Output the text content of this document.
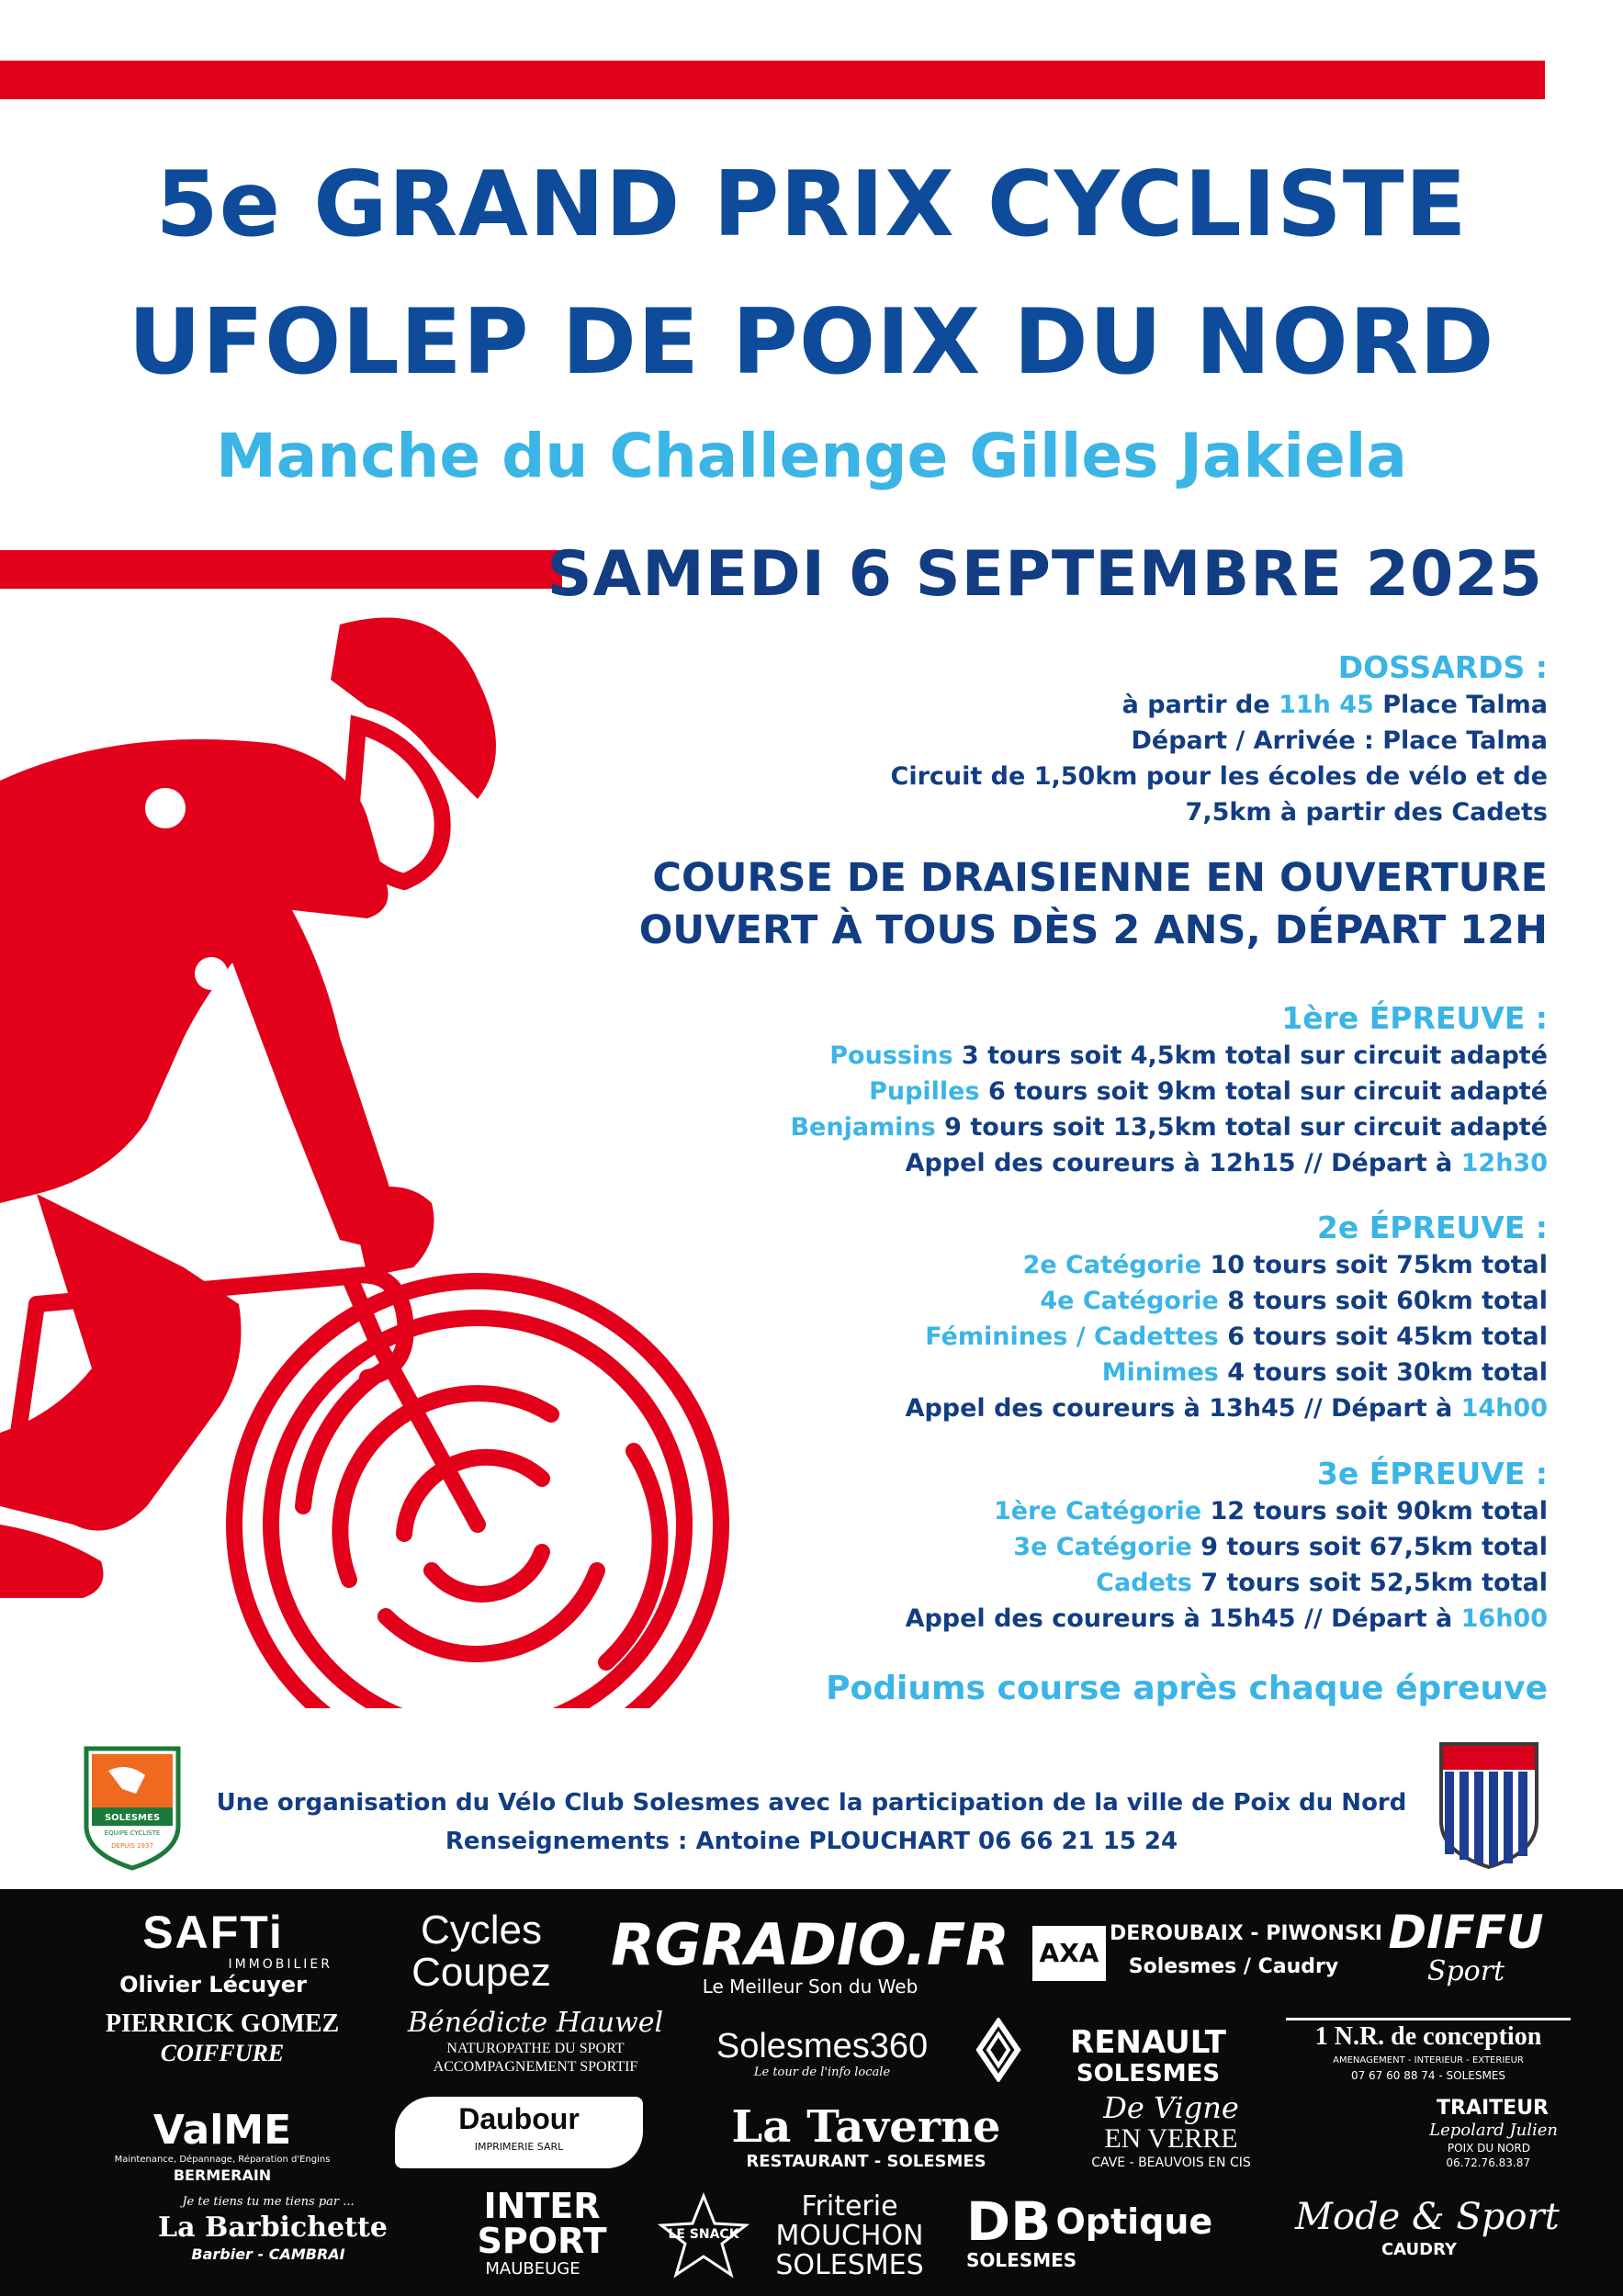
5e GRAND PRIX CYCLISTE
UFOLEP DE POIX DU NORD
Manche du Challenge Gilles Jakiela
SAMEDI 6 SEPTEMBRE 2025
DOSSARDS :
à partir de 11h 45 Place Talma
Départ / Arrivée : Place Talma
Circuit de 1,50km pour les écoles de vélo et de
7,5km à partir des Cadets
COURSE DE DRAISIENNE EN OUVERTURE
OUVERT À TOUS DÈS 2 ANS, DÉPART 12H
1ère ÉPREUVE :
Poussins 3 tours soit 4,5km total sur circuit adapté
Pupilles 6 tours soit 9km total sur circuit adapté
Benjamins 9 tours soit 13,5km total sur circuit adapté
Appel des coureurs à 12h15 // Départ à 12h30
2e ÉPREUVE :
2e Catégorie 10 tours soit 75km total
4e Catégorie 8 tours soit 60km total
Féminines / Cadettes 6 tours soit 45km total
Minimes 4 tours soit 30km total
Appel des coureurs à 13h45 // Départ à 14h00
3e ÉPREUVE :
1ère Catégorie 12 tours soit 90km total
3e Catégorie 9 tours soit 67,5km total
Cadets 7 tours soit 52,5km total
Appel des coureurs à 15h45 // Départ à 16h00
Podiums course après chaque épreuve
SOLESMES
ÉQUIPE CYCLISTE
DEPUIS 1937
Une organisation du Vélo Club Solesmes avec la participation de la ville de Poix du Nord
Renseignements : Antoine PLOUCHART 06 66 21 15 24
SAFTi
IMMOBILIER
Olivier Lécuyer
Cycles
Coupez	RGRADIO.FR
Le Meilleur Son du Web
AXA
DEROUBAIX - PIWONSKI
Solesmes / Caudry
DIFFU
Sport
PIERRICK GOMEZ
COIFFURE
Bénédicte Hauwel
NATUROPATHE DU SPORT
ACCOMPAGNEMENT SPORTIF
Solesmes360
Le tour de l'info locale
RENAULT
SOLESMES
1 N.R. de conception
AMENAGEMENT - INTERIEUR - EXTERIEUR
07 67 60 88 74 - SOLESMES
ValME
Maintenance, Dépannage, Réparation d'Engins
BERMERAIN
Daubour
IMPRIMERIE SARL	La Taverne
RESTAURANT - SOLESMES
De Vigne
EN VERRE
CAVE - BEAUVOIS EN CIS
TRAITEUR
Lepolard Julien
POIX DU NORD
06.72.76.83.87
Je te tiens tu me tiens par ...
La Barbichette
Barbier - CAMBRAI
INTER
SPORT
MAUBEUGE
LE SNACK
Friterie
MOUCHON
SOLESMES
DB Optique
SOLESMES
Mode & Sport
CAUDRY
